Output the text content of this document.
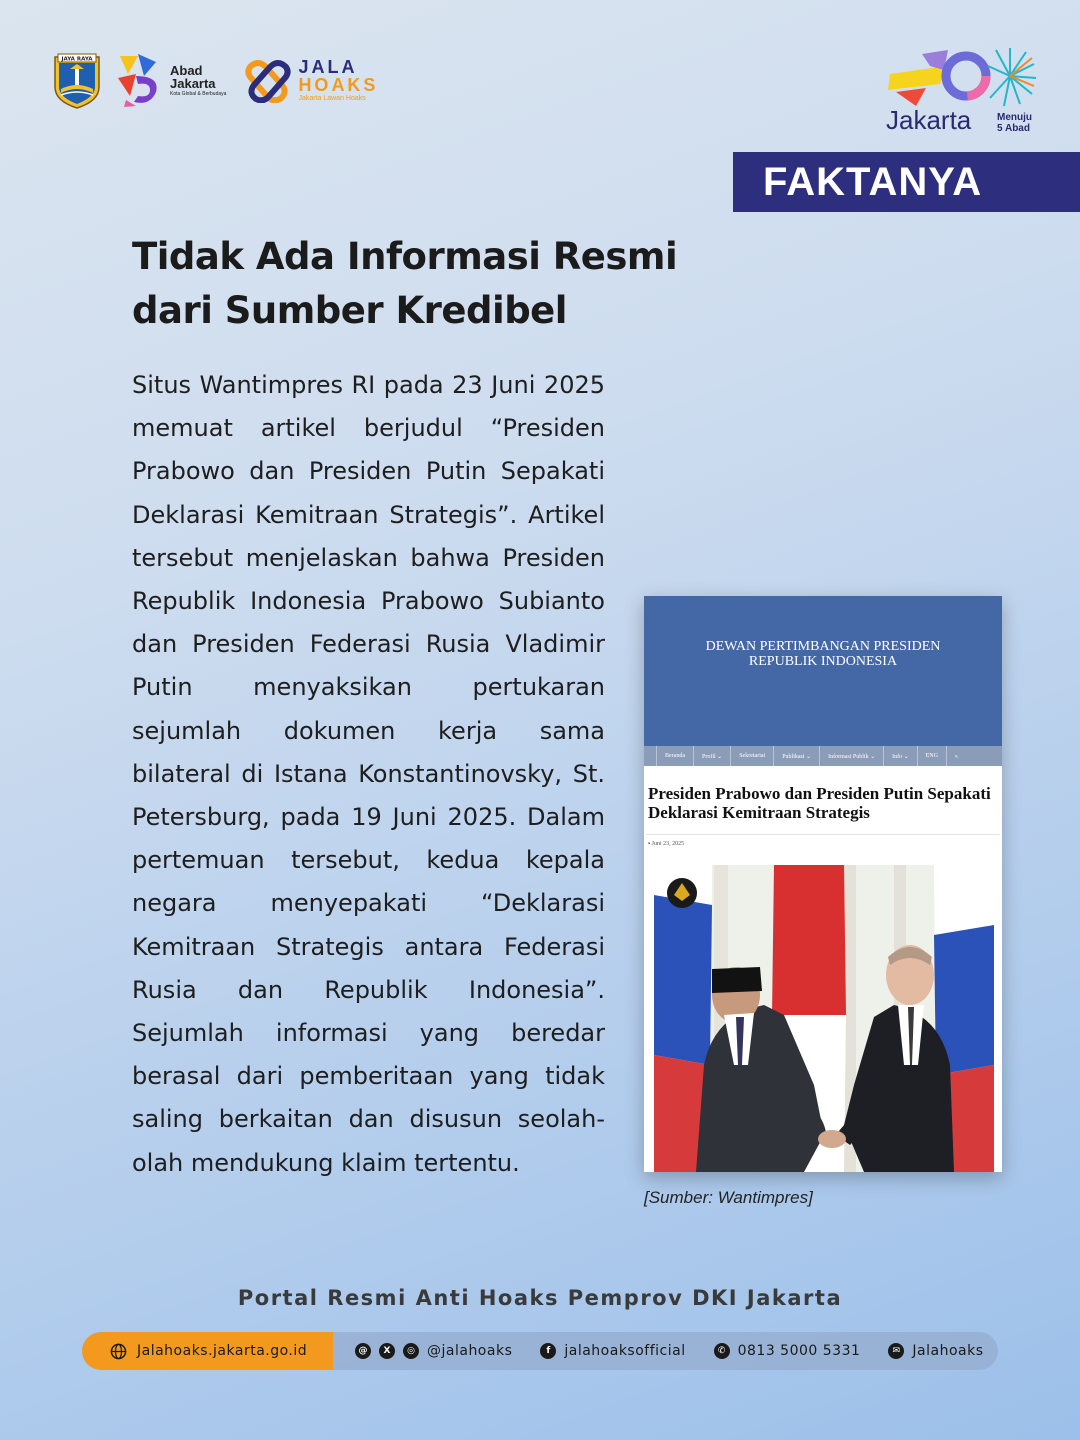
JAYA RAYA
Abad
Jakarta
Kota Global & Berbudaya
JALA
HOAKS
Jakarta Lawan Hoaks
Jakarta	Menuju
5 Abad
FAKTANYA
Tidak Ada Informasi Resmi dari Sumber Kredibel

Situs Wantimpres RI pada 23 Juni 2025 memuat artikel berjudul “Presiden Prabowo dan Presiden Putin Sepakati Deklarasi Kemitraan Strategis”. Artikel tersebut menjelaskan bahwa Presiden Republik Indonesia Prabowo Subianto dan Presiden Federasi Rusia Vladimir Putin menyaksikan pertukaran sejumlah dokumen kerja sama bilateral di Istana Konstantinovsky, St. Petersburg, pada 19 Juni 2025. Dalam pertemuan tersebut, kedua kepala negara menyepakati “Deklarasi Kemitraan Strategis antara Federasi Rusia dan Republik Indonesia”. Sejumlah informasi yang beredar berasal dari pemberitaan yang tidak saling berkaitan dan disusun seolah-olah mendukung klaim tertentu.

DEWAN PERTIMBANGAN PRESIDEN
REPUBLIK INDONESIA
Beranda	Profil ⌄	Sekretariat	Publikasi ⌄	Informasi Publik ⌄	Info ⌄	ENG
Presiden Prabowo dan Presiden Putin Sepakati Deklarasi Kemitraan Strategis
▪ Juni 23, 2025
[Sumber: Wantimpres]
Portal Resmi Anti Hoaks Pemprov DKI Jakarta
Jalahoaks.jakarta.go.id	@	X	◎ @jalahoaks	f	jalahoaksofficial	✆ 0813 5000 5331	✉ Jalahoaks
